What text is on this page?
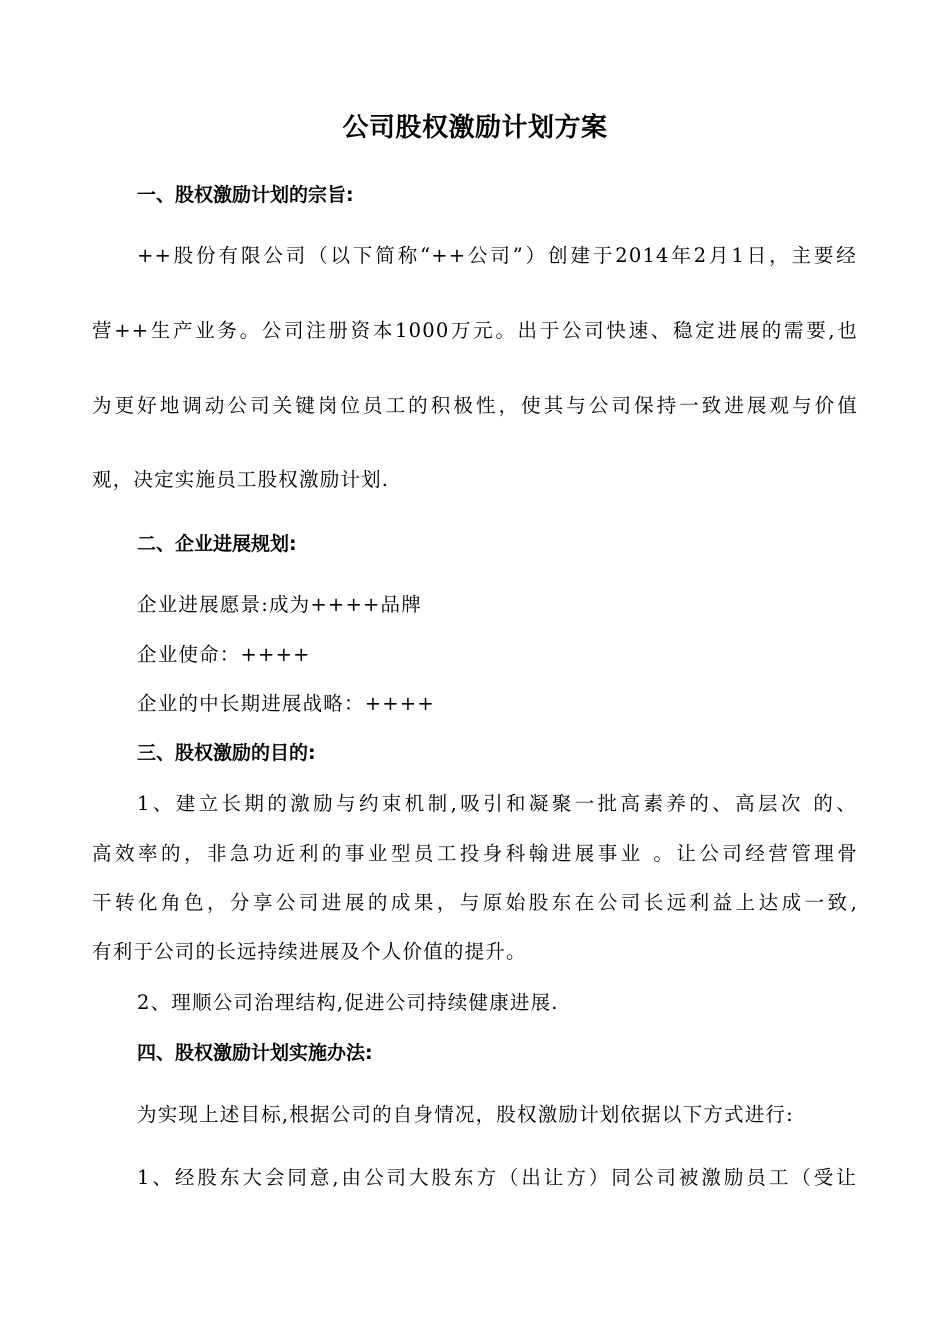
公司股权激励计划方案
一、股权激励计划的宗旨:
++股份有限公司（以下简称“++公司”）创建于2014年2月1日，主要经
营++生产业务。公司注册资本1000万元。出于公司快速、稳定进展的需要,也
为更好地调动公司关键岗位员工的积极性，使其与公司保持一致进展观与价值
观，决定实施员工股权激励计划.
二、企业进展规划:
企业进展愿景:成为++++品牌
企业使命：++++
企业的中长期进展战略：++++
三、股权激励的目的:
1、建立长期的激励与约束机制,吸引和凝聚一批高素养的、高层次 的、
高效率的，非急功近利的事业型员工投身科翰进展事业 。让公司经营管理骨
干转化角色，分享公司进展的成果，与原始股东在公司长远利益上达成一致,
有利于公司的长远持续进展及个人价值的提升。
2、理顺公司治理结构,促进公司持续健康进展.
四、股权激励计划实施办法:
为实现上述目标,根据公司的自身情况，股权激励计划依据以下方式进行:
1、经股东大会同意,由公司大股东方（出让方）同公司被激励员工（受让
